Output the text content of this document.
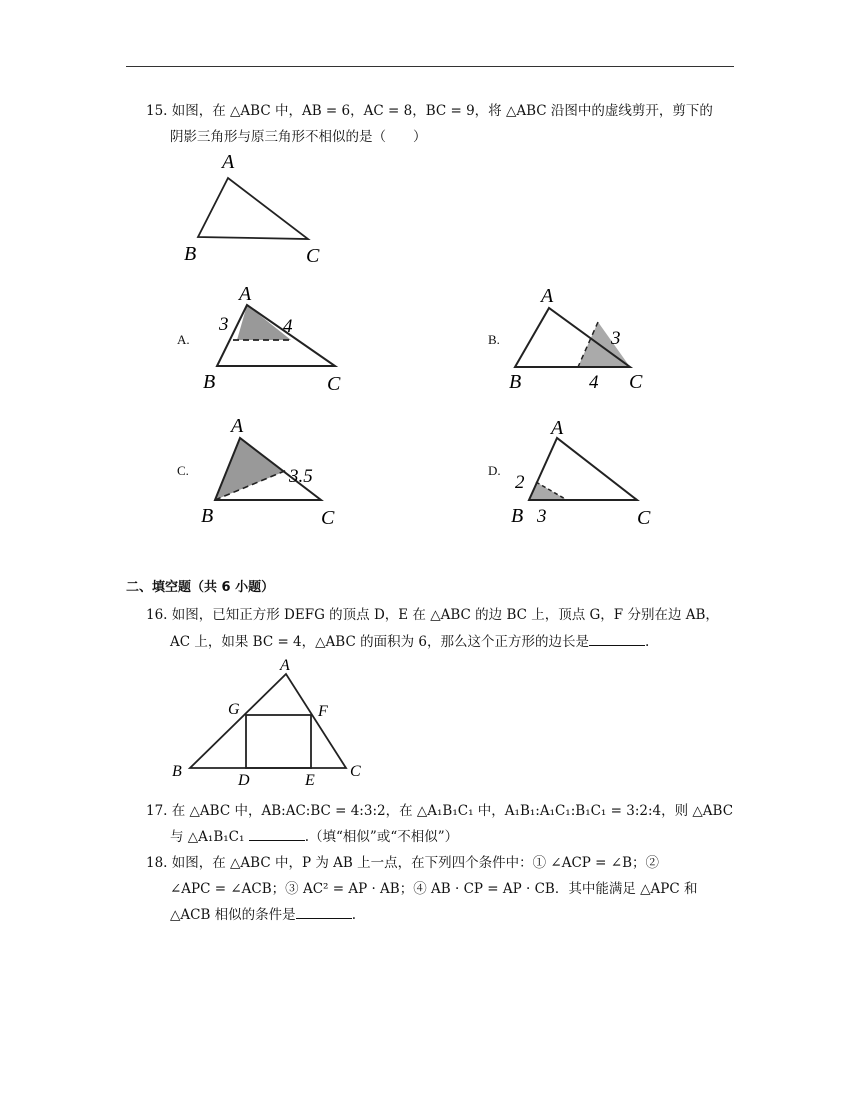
15. 如图，在 △ABC 中，AB = 6，AC = 8，BC = 9，将 △ABC 沿图中的虚线剪开，剪下的
阴影三角形与原三角形不相似的是（　　）
A
B	C
A.
A
3	4
B	C
B.
A
3
4
B	C
C.
A
3.5
B	C
D.
A
2
B 3	C
二、填空题（共 6 小题）
16. 如图，已知正方形 DEFG 的顶点 D，E 在 △ABC 的边 BC 上，顶点 G，F 分别在边 AB，
AC 上，如果 BC = 4，△ABC 的面积为 6，那么这个正方形的边长是	.
A
G	F
B
D	E
C
17. 在 △ABC 中，AB:AC:BC = 4:3:2，在 △A₁B₁C₁ 中，A₁B₁:A₁C₁:B₁C₁ = 3:2:4，则 △ABC
与 △A₁B₁C₁	.（填“相似”或“不相似”）
18. 如图，在 △ABC 中，P 为 AB 上一点，在下列四个条件中：① ∠ACP = ∠B；②
∠APC = ∠ACB；③ AC² = AP · AB；④ AB · CP = AP · CB．其中能满足 △APC 和
△ACB 相似的条件是	.
